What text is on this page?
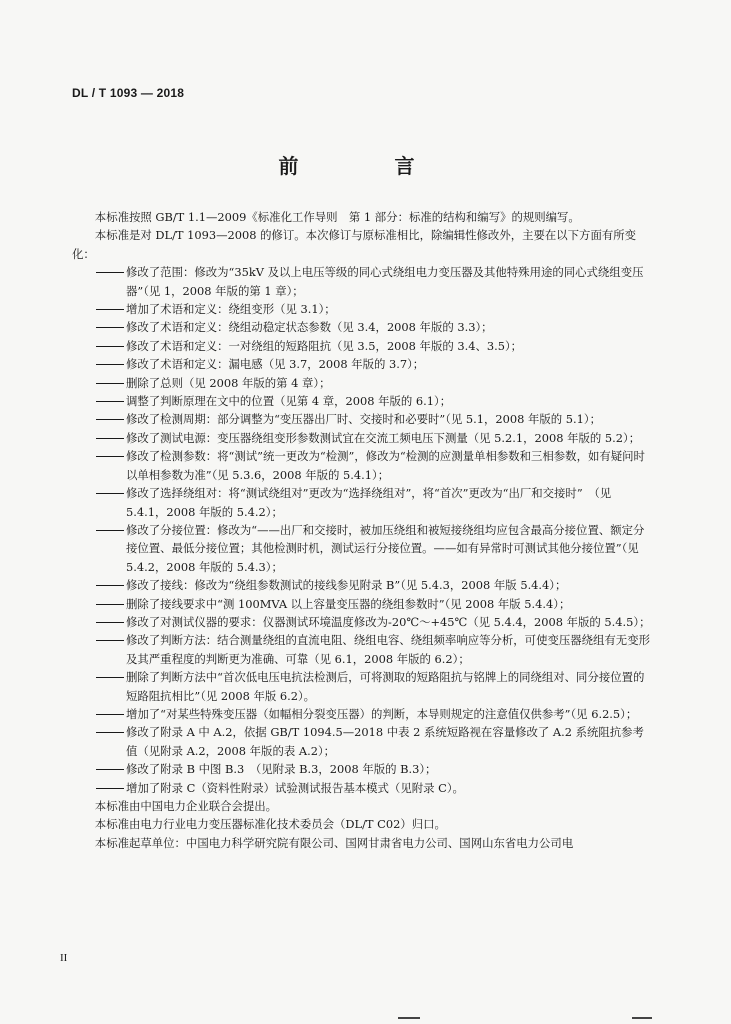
DL / T 1093 — 2018
前　言

本标准按照 GB/T 1.1—2009《标准化工作导则　第 1 部分：标准的结构和编写》的规则编写。

本标准是对 DL/T 1093—2008 的修订。本次修订与原标准相比，除编辑性修改外，主要在以下方面有所变化：

修改了范围：修改为“35kV 及以上电压等级的同心式绕组电力变压器及其他特殊用途的同心式绕组变压器”（见 1，2008 年版的第 1 章）；

增加了术语和定义：绕组变形（见 3.1）；

修改了术语和定义：绕组动稳定状态参数（见 3.4，2008 年版的 3.3）；

修改了术语和定义：一对绕组的短路阻抗（见 3.5，2008 年版的 3.4、3.5）；

修改了术语和定义：漏电感（见 3.7，2008 年版的 3.7）；

删除了总则（见 2008 年版的第 4 章）；

调整了判断原理在文中的位置（见第 4 章，2008 年版的 6.1）；

修改了检测周期：部分调整为“变压器出厂时、交接时和必要时”（见 5.1，2008 年版的 5.1）；

修改了测试电源：变压器绕组变形参数测试宜在交流工频电压下测量（见 5.2.1，2008 年版的 5.2）；

修改了检测参数：将“测试”统一更改为“检测”，修改为“检测的应测量单相参数和三相参数，如有疑问时以单相参数为准”（见 5.3.6，2008 年版的 5.4.1）；

修改了选择绕组对：将“测试绕组对”更改为“选择绕组对”，将“首次”更改为“出厂和交接时”　（见 5.4.1，2008 年版的 5.4.2）；

修改了分接位置：修改为“——出厂和交接时，被加压绕组和被短接绕组均应包含最高分接位置、额定分接位置、最低分接位置；其他检测时机，测试运行分接位置。——如有异常时可测试其他分接位置”（见 5.4.2，2008 年版的 5.4.3）；

修改了接线：修改为“绕组参数测试的接线参见附录 B”（见 5.4.3，2008 年版 5.4.4）；

删除了接线要求中“测 100MVA 以上容量变压器的绕组参数时”（见 2008 年版 5.4.4）；

修改了对测试仪器的要求：仪器测试环境温度修改为-20℃～+45℃（见 5.4.4，2008 年版的 5.4.5）；

修改了判断方法：结合测量绕组的直流电阻、绕组电容、绕组频率响应等分析，可使变压器绕组有无变形及其严重程度的判断更为准确、可靠（见 6.1，2008 年版的 6.2）；

删除了判断方法中“首次低电压电抗法检测后，可将测取的短路阻抗与铭牌上的同绕组对、同分接位置的短路阻抗相比”（见 2008 年版 6.2）。

增加了“对某些特殊变压器（如幅相分裂变压器）的判断，本导则规定的注意值仅供参考”（见 6.2.5）；

修改了附录 A 中 A.2，依据 GB/T 1094.5—2018 中表 2 系统短路视在容量修改了 A.2 系统阻抗参考值（见附录 A.2，2008 年版的表 A.2）；

修改了附录 B 中图 B.3　（见附录 B.3，2008 年版的 B.3）；

增加了附录 C（资料性附录）试验测试报告基本模式（见附录 C）。

本标准由中国电力企业联合会提出。

本标准由电力行业电力变压器标准化技术委员会（DL/T C02）归口。

本标准起草单位：中国电力科学研究院有限公司、国网甘肃省电力公司、国网山东省电力公司电

II
